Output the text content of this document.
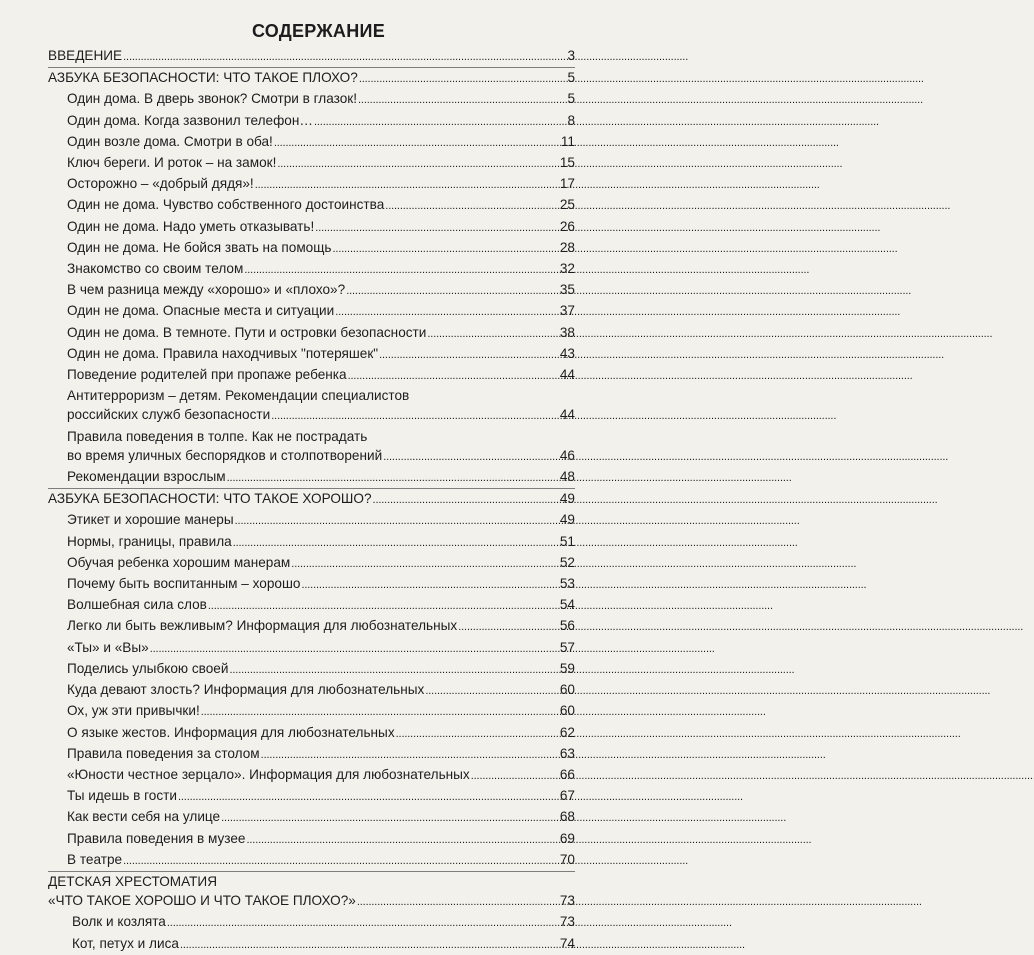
СОДЕРЖАНИЕ
ВВЕДЕНИЕ . . .	3
АЗБУКА БЕЗОПАСНОСТИ: ЧТО ТАКОЕ ПЛОХО? . . .	5
Один дома. В дверь звонок? Смотри в глазок! . . .	5
Один дома. Когда зазвонил телефон… . . .	8
Один возле дома. Смотри в оба! . . .	11
Ключ береги. И роток – на замок! . . .	15
Осторожно – «добрый дядя»! . . .	17
Один не дома. Чувство собственного достоинства . . .	25
Один не дома. Надо уметь отказывать! . . .	26
Один не дома. Не бойся звать на помощь . . .	28
Знакомство со своим телом . . .	32
В чем разница между «хорошо» и «плохо»? . . .	35
Один не дома. Опасные места и ситуации . . .	37
Один не дома. В темноте. Пути и островки безопасности . . .	38
Один не дома. Правила находчивых "потеряшек" . . .	43
Поведение родителей при пропаже ребенка . . .	44
Антитерроризм – детям. Рекомендации специалистов
российских служб безопасности . . .	44
Правила поведения в толпе. Как не пострадать
во время уличных беспорядков и столпотворений . . .	46
Рекомендации взрослым . . .	48
АЗБУКА БЕЗОПАСНОСТИ: ЧТО ТАКОЕ ХОРОШО? . . .	49
Этикет и хорошие манеры . . .	49
Нормы, границы, правила . . .	51
Обучая ребенка хорошим манерам . . .	52
Почему быть воспитанным – хорошо . . .	53
Волшебная сила слов . . .	54
Легко ли быть вежливым? Информация для любознательных . . .	56
«Ты» и «Вы» . . .	57
Поделись улыбкою своей . . .	59
Куда девают злость? Информация для любознательных . . .	60
Ох, уж эти привычки! . . .	60
О языке жестов. Информация для любознательных . . .	62
Правила поведения за столом . . .	63
«Юности честное зерцало». Информация для любознательных . . .	66
Ты идешь в гости . . .	67
Как вести себя на улице . . .	68
Правила поведения в музее . . .	69
В театре . . .	70
ДЕТСКАЯ ХРЕСТОМАТИЯ
«ЧТО ТАКОЕ ХОРОШО И ЧТО ТАКОЕ ПЛОХО?» . . .	73
Волк и козлята . . .	73
Кот, петух и лиса . . .	74
